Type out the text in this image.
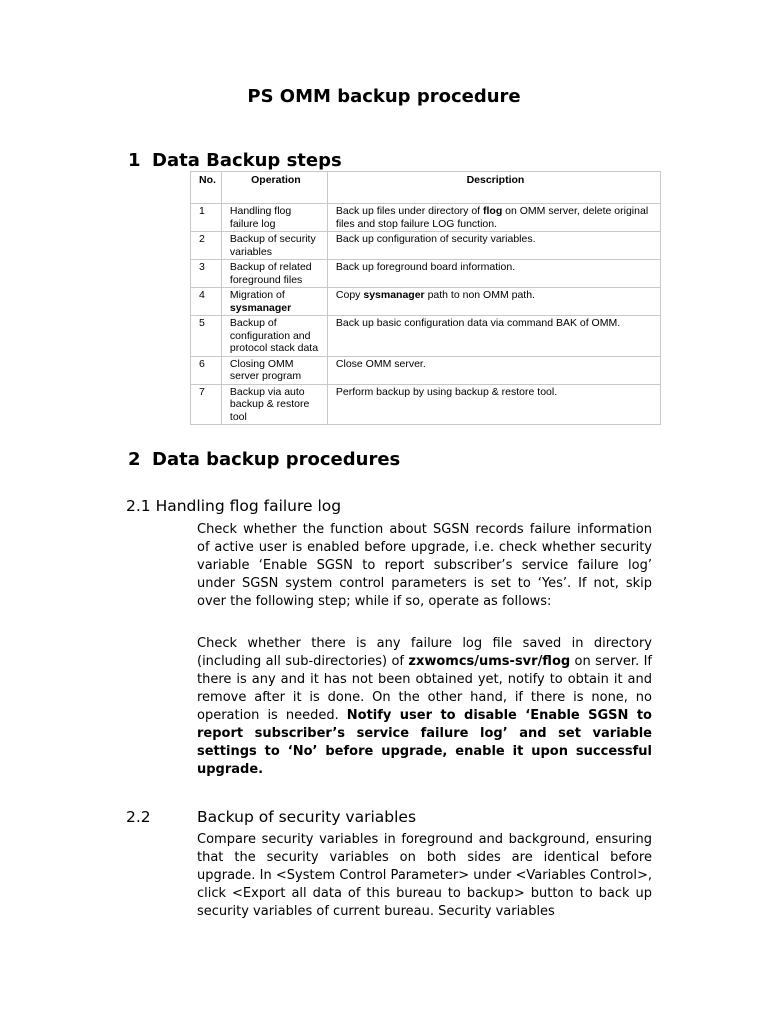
PS OMM backup procedure
1 Data Backup steps
No.	Operation	Description
1	Handling flog failure log	Back up files under directory of flog on OMM server, delete original files and stop failure LOG function.
2	Backup of security variables	Back up configuration of security variables.
3	Backup of related foreground files	Back up foreground board information.
4	Migration of sysmanager	Copy sysmanager path to non OMM path.
5	Backup of configuration and protocol stack data	Back up basic configuration data via command BAK of OMM.
6	Closing OMM server program	Close OMM server.
7	Backup via auto backup & restore tool	Perform backup by using backup & restore tool.
2 Data backup procedures
2.1 Handling flog failure log

Check whether the function about SGSN records failure information of active user is enabled before upgrade, i.e. check whether security variable ‘Enable SGSN to report subscriber’s service failure log’ under SGSN system control parameters is set to ‘Yes’. If not, skip over the following step; while if so, operate as follows:

Check whether there is any failure log file saved in directory (including all sub-directories) of zxwomcs/ums-svr/flog on server. If there is any and it has not been obtained yet, notify to obtain it and remove after it is done. On the other hand, if there is none, no operation is needed. Notify user to disable ‘Enable SGSN to report subscriber’s service failure log’ and set variable settings to ‘No’ before upgrade, enable it upon successful upgrade.

2.2	Backup of security variables

Compare security variables in foreground and background, ensuring that the security variables on both sides are identical before upgrade. In <System Control Parameter> under <Variables Control>, click <Export all data of this bureau to backup> button to back up security variables of current bureau. Security variables
